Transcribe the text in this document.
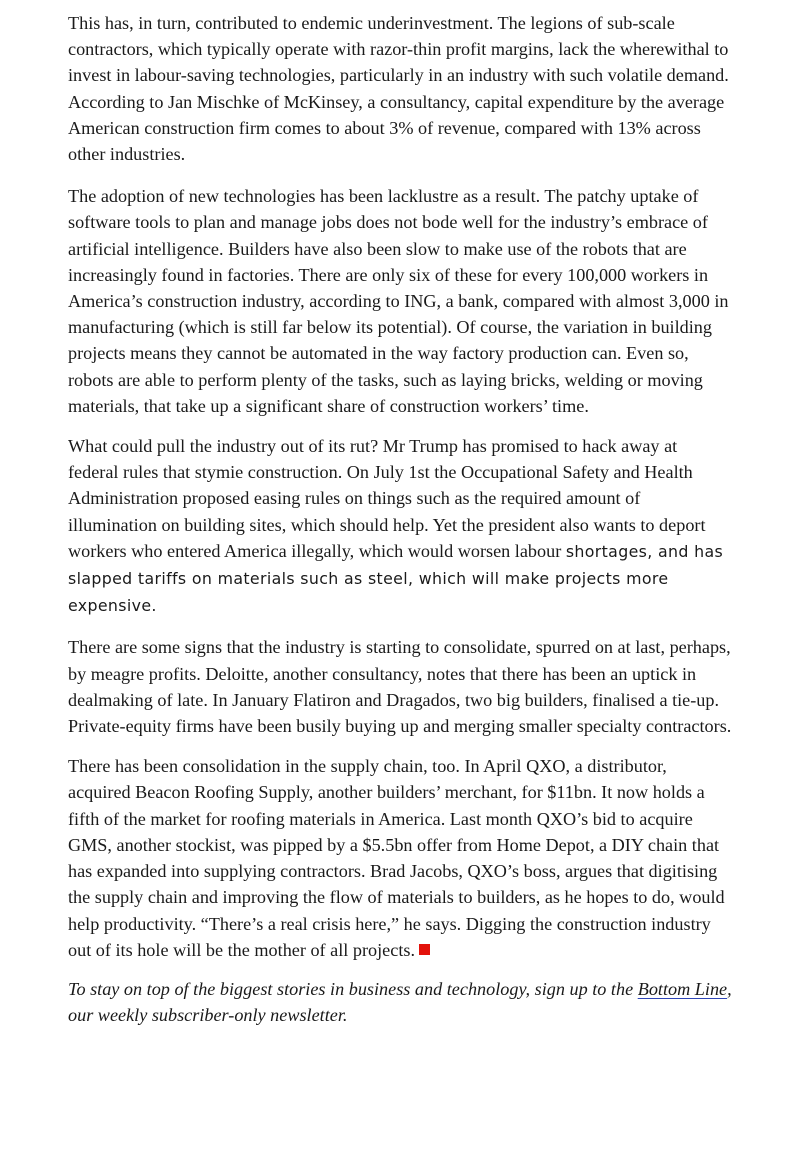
This has, in turn, contributed to endemic underinvestment. The legions of sub-scale contractors, which typically operate with razor-thin profit margins, lack the wherewithal to invest in labour-saving technologies, particularly in an industry with such volatile demand. According to Jan Mischke of McKinsey, a consultancy, capital expenditure by the average American construction firm comes to about 3% of revenue, compared with 13% across other industries.

The adoption of new technologies has been lacklustre as a result. The patchy uptake of software tools to plan and manage jobs does not bode well for the industry’s embrace of artificial intelligence. Builders have also been slow to make use of the robots that are increasingly found in factories. There are only six of these for every 100,000 workers in America’s construction industry, according to ING, a bank, compared with almost 3,000 in manufacturing (which is still far below its potential). Of course, the variation in building projects means they cannot be automated in the way factory production can. Even so, robots are able to perform plenty of the tasks, such as laying bricks, welding or moving materials, that take up a significant share of construction workers’ time.

What could pull the industry out of its rut? Mr Trump has promised to hack away at federal rules that stymie construction. On July 1st the Occupational Safety and Health Administration proposed easing rules on things such as the required amount of illumination on building sites, which should help. Yet the president also wants to deport workers who entered America illegally, which would worsen labour shortages, and has slapped tariffs on materials such as steel, which will make projects more expensive.

There are some signs that the industry is starting to consolidate, spurred on at last, perhaps, by meagre profits. Deloitte, another consultancy, notes that there has been an uptick in dealmaking of late. In January Flatiron and Dragados, two big builders, finalised a tie-up. Private-equity firms have been busily buying up and merging smaller specialty contractors.

There has been consolidation in the supply chain, too. In April QXO, a distributor, acquired Beacon Roofing Supply, another builders’ merchant, for $11bn. It now holds a fifth of the market for roofing materials in America. Last month QXO’s bid to acquire GMS, another stockist, was pipped by a $5.5bn offer from Home Depot, a DIY chain that has expanded into supplying contractors. Brad Jacobs, QXO’s boss, argues that digitising the supply chain and improving the flow of materials to builders, as he hopes to do, would help productivity. “There’s a real crisis here,” he says. Digging the construction industry out of its hole will be the mother of all projects.

To stay on top of the biggest stories in business and technology, sign up to the Bottom Line, our weekly subscriber-only newsletter.
